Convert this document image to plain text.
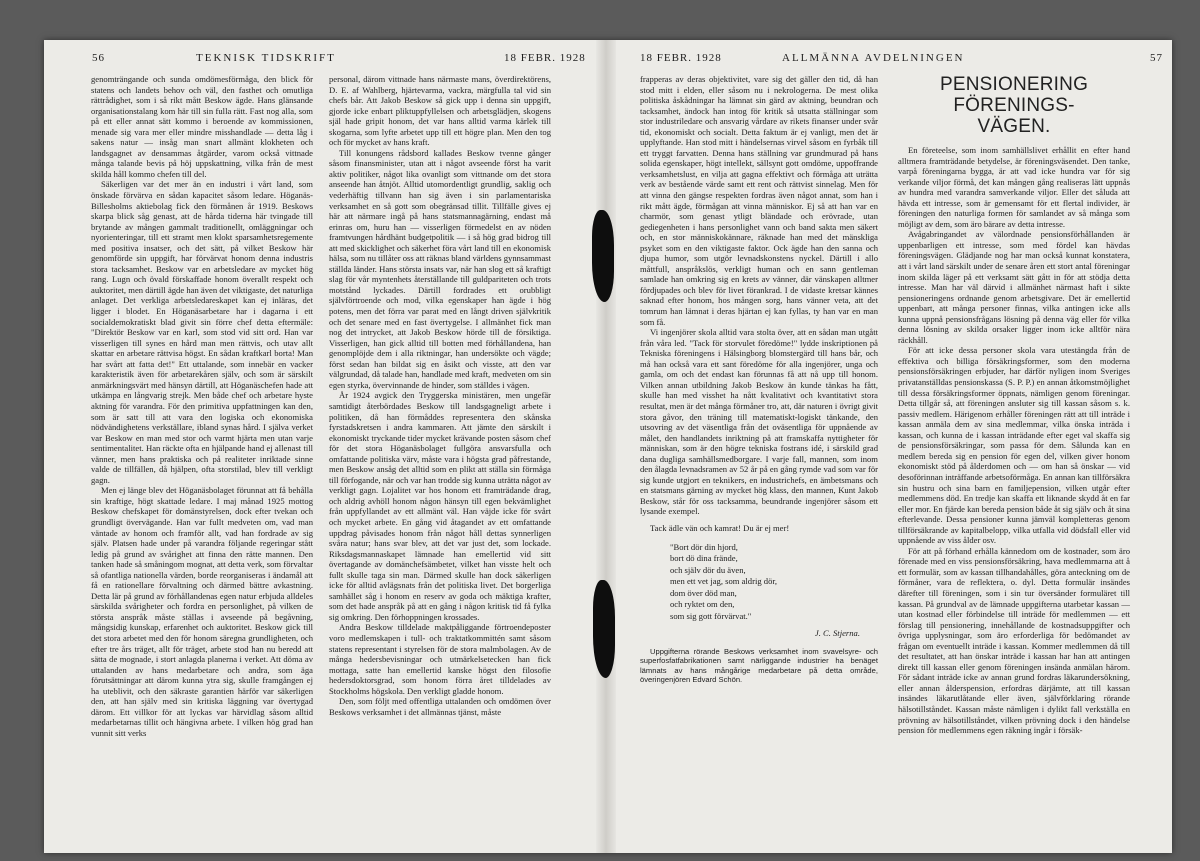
56	TEKNISK TIDSKRIFT	18 FEBR. 1928

genomträngande och sunda omdömesförmåga, den blick för statens och landets behov och väl, den fasthet och omutliga rättrådighet, som i så rikt mått Beskow ägde. Hans glänsande organisationstalang kom här till sin fulla rätt. Fast nog alla, som på ett eller annat sätt kommo i beroende av kommissionen, menade sig vara mer eller mindre misshandlade — detta låg i sakens natur — insåg man snart allmänt klokheten och landsgagnet av densammas åtgärder, varom också vittnade många talande bevis på höj uppskattning, vilka från de mest skilda håll kommo chefen till del.

Säkerligen var det mer än en industri i vårt land, som önskade förvärva en sådan kapacitet såsom ledare. Höganäs-Billesholms aktiebolag fick den förmånen år 1919. Beskows skarpa blick såg genast, att de hårda tiderna här tvingade till brytande av mången gammalt traditionellt, omläggningar och nyorienteringar, till ett stramt men klokt sparsamhetsregemente med positiva insatser, och det sätt, på vilket Beskow här genomförde sin uppgift, har förvärvat honom denna industris stora tacksamhet. Beskow var en arbetsledare av mycket hög rang. Lugn och övald förskaffade honom överallt respekt och auktoritet, men därtill ägde han även det viktigaste, det naturliga anlaget. Det verkliga arbetsledareskapet kan ej inläras, det ligger i blodet. En Höganäsarbetare har i dagarna i ett socialdemokratiskt blad givit sin förre chef detta eftermäle: "Direktör Beskow var en karl, som stod vid sitt ord. Han var visserligen till synes en hård man men rättvis, och utav allt skattar en arbetare rättvisa högst. En sådan kraftkarl borta! Man har svårt att fatta det!" Ett uttalande, som innebär en vacker karakteristik även för arbetarekåren själv, och som är särskilt anmärkningsvärt med hänsyn därtill, att Höganäschefen hade att utkämpa en långvarig strejk. Men både chef och arbetare hyste aktning för varandra. För den primitiva uppfattningen kan den, som är satt till att vara den logiska och ekonomiska nödvändighetens verkställare, ibland synas hård. I själva verket var Beskow en man med stor och varmt hjärta men utan varje sentimentalitet. Han räckte ofta en hjälpande hand ej allenast till vänner, men hans praktiska och på realiteter inriktade sinne valde de tillfällen, då hjälpen, ofta storstilad, blev till verkligt gagn.

Men ej länge blev det Höganäsbolaget förunnat att få behålla sin kraftige, högt skattade ledare. I maj månad 1925 mottog Beskow chefskapet för domänstyrelsen, dock efter tvekan och grundligt övervägande. Han var fullt medveten om, vad man väntade av honom och framför allt, vad han fordrade av sig själv. Platsen hade under på varandra följande regeringar stått ledig på grund av svårighet att finna den rätte mannen. Den tanken hade så småningom mognat, att detta verk, som förvaltar så ofantliga nationella värden, borde reorganiseras i ändamål att få en rationellare förvaltning och därmed bättre avkastning. Detta lär på grund av förhållandenas egen natur erbjuda alldeles särskilda svårigheter och fordra en personlighet, på vilken de största anspråk måste ställas i avseende på begåvning, mångsidig kunskap, erfarenhet och auktoritet. Beskow gick till det stora arbetet med den för honom säregna grundligheten, och efter tre års träget, allt för träget, arbete stod han nu beredd att sätta de mognade, i stort anlagda planerna i verket. Att döma av uttalanden av hans medarbetare och andra, som äga förutsättningar att därom kunna ytra sig, skulle framgången ej ha uteblivit, och den säkraste garantien härför var säkerligen den, att han själv med sin kritiska läggning var övertygad därom. Ett villkor för att lyckas var härvidlag såsom alltid medarbetarnas tillit och hängivna arbete. I vilken hög grad han vunnit sitt verks

personal, därom vittnade hans närmaste mans, överdirektörens, D. E. af Wahlberg, hjärtevarma, vackra, märgfulla tal vid sin chefs bår. Att Jakob Beskow så gick upp i denna sin uppgift, gjorde icke enbart pliktuppfyllelsen och arbetsglädjen, skogens själ hade gripit honom, det var hans alltid varma kärlek till skogarna, som lyfte arbetet upp till ett högre plan. Men den tog och för mycket av hans kraft.

Till konungens rådsbord kallades Beskow tvenne gånger såsom finansminister, utan att i något avseende först ha varit aktiv politiker, något lika ovanligt som vittnande om det stora anseende han åtnjöt. Alltid utomordentligt grundlig, saklig och vederhäftig tillvann han sig även i sin parlamentariska verksamhet en så gott som obegränsad tillit. Tillfälle gives ej här att närmare ingå på hans statsmannagärning, endast må erinras om, huru han — visserligen förmedelst en av nöden framtvungen hårdhänt budgetpolitik — i så hög grad bidrog till att med skicklighet och säkerhet föra vårt land till en ekonomisk hälsa, som nu tillåter oss att räknas bland världens gynnsammast ställda länder. Hans största insats var, när han slog ett så kraftigt slag för vår myntenhets återställande till guldpariteten och trots motstånd lyckades. Därtill fordrades ett orubbligt självförtroende och mod, vilka egenskaper han ägde i hög potens, men det förra var parat med en långt driven självkritik och det senare med en fast övertygelse. I allmänhet fick man nog det intrycket, att Jakob Beskow hörde till de försiktiga. Visserligen, han gick alltid till botten med förhållandena, han genomplöjde dem i alla riktningar, han undersökte och vägde; först sedan han bildat sig en åsikt och visste, att den var välgrundad, då talade han, handlade med kraft, medveten om sin egen styrka, övervinnande de hinder, som ställdes i vägen.

År 1924 avgick den Tryggerska ministären, men ungefär samtidigt återbördades Beskow till landsgagneligt arbete i politiken, då han förmåddes representera den skånska fyrstadskretsen i andra kammaren. Att jämte den särskilt i ekonomiskt tryckande tider mycket krävande posten såsom chef för det stora Höganäsbolaget fullgöra ansvarsfulla och omfattande politiska värv, måste vara i högsta grad påfrestande, men Beskow ansåg det alltid som en plikt att ställa sin förmåga till förfogande, när och var han trodde sig kunna uträtta något av verkligt gagn. Lojalitet var hos honom ett framträdande drag, och aldrig avhöll honom någon hänsyn till egen bekvämlighet från uppfyllandet av ett allmänt väl. Han väjde icke för svårt och mycket arbete. En gång vid åtagandet av ett omfattande uppdrag påvisades honom från något håll dettas synnerligen svåra natur; hans svar blev, att det var just det, som lockade. Riksdagsmannaskapet lämnade han emellertid vid sitt övertagande av domänchefsämbetet, vilket han visste helt och fullt skulle taga sin man. Därmed skulle han dock säkerligen icke för alltid avlägsnats från det politiska livet. Det borgerliga samhället såg i honom en reserv av goda och mäktiga krafter, som det hade anspråk på att en gång i någon kritisk tid få fylka sig omkring. Den förhoppningen krossades.

Andra Beskow tilldelade maktpåliggande förtroendeposter voro medlemskapen i tull- och traktatkommittén samt såsom statens representant i styrelsen för de stora malmbolagen. Av de många hedersbevisningar och utmärkelsetecken han fick mottaga, satte han emellertid kanske högst den filosofie hedersdoktorsgrad, som honom förra året tilldelades av Stockholms högskola. Den verkligt gladde honom.

Den, som följt med offentliga uttalanden och omdömen över Beskows verksamhet i det allmännas tjänst, måste

18 FEBR. 1928	ALLMÄNNA AVDELNINGEN	57

frapperas av deras objektivitet, vare sig det gäller den tid, då han stod mitt i elden, eller såsom nu i nekrologerna. De mest olika politiska åskådningar ha lämnat sin gärd av aktning, beundran och tacksamhet, ändock han intog för kritik så utsatta ställningar som stor industriledare och ansvarig vårdare av rikets finanser under svår tid, ekonomiskt och socialt. Detta faktum är ej vanligt, men det är upplyftande. Han stod mitt i händelsernas virvel såsom en fyrbåk till ett tryggt farvatten. Denna hans ställning var grundmurad på hans solida egenskaper, högt intellekt, sällsynt gott omdöme, uppoffrande verksamhetslust, en vilja att gagna effektivt och förmåga att uträtta verk av bestående värde samt ett rent och rättvist sinnelag. Men för att vinna den gängse respekten fordras även något annat, som han i rikt mått ägde, förmågan att vinna människor. Ej så att han var en charmör, som genast ytligt bländade och erövrade, utan gediegenheten i hans personlighet vann och band sakta men säkert och, en stor människokännare, räknade han med det mänskliga psyket som en den viktigaste faktor. Ock ägde han den sanna och djupa humor, som utgör levnadskonstens nyckel. Därtill i allo måttfull, anspråkslös, verkligt human och en sann gentleman samlade han omkring sig en krets av vänner, där vänskapen alltmer fördjupades och blev för livet förankrad. I de vidaste kretsar kännes saknad efter honom, hos mången sorg, hans vänner veta, att det tomrum han lämnat i deras hjärtan ej kan fyllas, ty han var en man som få.

Vi ingenjörer skola alltid vara stolta över, att en sådan man utgått från våra led. "Tack för storvulet föredöme!" lydde inskriptionen på Tekniska föreningens i Hälsingborg blomstergärd till hans bår, och må han också vara ett sant föredöme för alla ingenjörer, unga och gamla, om och det endast kan förunnas få att nå upp till honom. Vilken annan utbildning Jakob Beskow än kunde tänkas ha fått, skulle han med visshet ha nått kvalitativt och kvantitativt stora resultat, men är det många förmåner tro, att, där naturen i övrigt givit stora gåvor, den träning till matematiskt-logiskt tänkande, den utsovring av det väsentliga från det oväsentliga för uppnående av målet, den handlandets inriktning på att framskaffa nyttigheter för människan, som är den högre tekniska fostrans idé, i särskild grad dana dugliga samhällsmedborgare. I varje fall, mannen, som inom den ålagda levnadsramen av 52 år på en gång rymde vad som var för sig kunde utgjort en teknikers, en industrichefs, en ämbetsmans och en statsmans gärning av mycket hög klass, den mannen, Kunt Jakob Beskow, står för oss tacksamma, beundrande ingenjörer såsom ett lysande exempel.

Tack ädle vän och kamrat! Du är ej mer!

"Bort dör din hjord,
bort dö dina frände,
och själv dör du även,
men ett vet jag, som aldrig dör,
dom över död man,
och ryktet om den,
som sig gott förvärvat."
J. C. Stjerna.

Uppgifterna rörande Beskows verksamhet inom svavelsyre- och superfosfatfabrikationen samt närliggande industrier ha benäget lämnats av hans mångårige medarbetare på detta område, överingenjören Edvard Schön.

PENSIONERING FÖRENINGS-
VÄGEN.

En företeelse, som inom samhällslivet erhållit en efter hand alltmera framträdande betydelse, är föreningsväsendet. Den tanke, varpå föreningarna bygga, är att vad icke hundra var för sig verkande viljor förmå, det kan mången gång realiseras lätt uppnås av hundra med varandra samverkande viljor. Eller det såluda att hävda ett intresse, som är gemensamt för ett flertal individer, är föreningen den naturliga formen för samlandet av så många som möjligt av dem, som äro bärare av detta intresse.

Avågabringandet av välordnade pensionsförhållanden är uppenbarligen ett intresse, som med fördel kan hävdas föreningsvägen. Glädjande nog har man också kunnat konstatera, att i vårt land särskilt under de senare åren ett stort antal föreningar inom skilda läger på ett verksamt sätt gått in för att stödja detta intresse. Man har väl därvid i allmänhet närmast haft i sikte pensioneringens ordnande genom arbetsgivare. Det är emellertid uppenbart, att många personer finnas, vilka antingen icke alls kunna uppnå pensionsfrågans lösning på denna väg eller för vilka denna lösning av skilda orsaker ligger inom icke alltför nära räckhåll.

För att icke dessa personer skola vara utestängda från de effektiva och billiga försäkringsformer, som den moderna pensionsförsäkringen erbjuder, har därför nyligen inom Sveriges privatanställdas pensionskassa (S. P. P.) en annan åtkomstmöjlighet till dessa försäkringsformer öppnats, nämligen genom föreningar. Detta tillgår så, att föreningen ansluter sig till kassan såsom s. k. passiv medlem. Härigenom erhåller föreningen rätt att till inträde i kassan anmäla dem av sina medlemmar, vilka önska inträda i kassan, och kunna de i kassan inträdande efter eget val skaffa sig de pensionsförsäkringar, som passa för dem. Sålunda kan en medlem bereda sig en pension för egen del, vilken giver honom ekonomiskt stöd på ålderdomen och — om han så önskar — vid desoförinnan inträffande arbetsoförmåga. En annan kan tillförsäkra sin hustru och sina barn en familjepension, vilken utgår efter medlemmens död. En tredje kan skaffa ett liknande skydd åt en far eller mor. En fjärde kan bereda pension både åt sig själv och åt sina efterlevande. Dessa pensioner kunna jämväl kompletteras genom tillförsäkrande av kapitalbelopp, vilka utfalla vid dödsfall eller vid uppnående av viss ålder osv.

För att på förhand erhålla kännedom om de kostnader, som äro förenade med en viss pensionsförsäkring, hava medlemmarna att å ett formulär, som av kassan tillhandahålles, göra anteckning om de förmåner, vara de reflektera, o. dyl. Detta formulär insändes därefter till föreningen, som i sin tur översänder formuläret till kassan. På grundval av de lämnade uppgifterna utarbetar kassan — utan kostnad eller förbindelse till inträde för medlemmen — ett förslag till pensionering, innehållande de kostnadsuppgifter och övriga upplysningar, som äro erforderliga för bedömandet av frågan om eventuellt inträde i kassan. Kommer medlemmen då till det resultatet, att han önskar inträde i kassan har han att antingen direkt till kassan eller genom föreningen insända anmälan härom. För sådant inträde icke av annan grund fordras läkarundersökning, eller annan ålderspension, erfordras därjämte, att till kassan insändes läkarutlåtande eller även, självförklaring rörande hälsotillståndet. Kassan måste nämligen i dylikt fall verkställa en prövning av hälsotillståndet, vilken prövning dock i den händelse pension för medlemmens egen räkning ingår i försäk-
